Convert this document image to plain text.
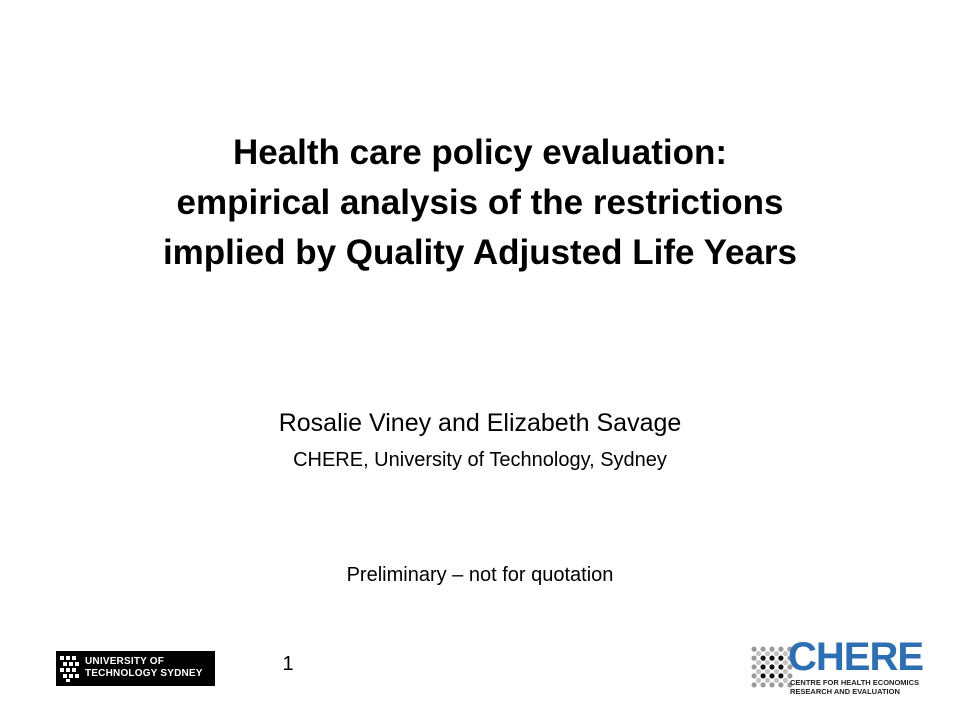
Health care policy evaluation:
empirical analysis of the restrictions
implied by Quality Adjusted Life Years
Rosalie Viney and Elizabeth Savage
CHERE, University of Technology, Sydney
Preliminary – not for quotation
1
UNIVERSITY OF
TECHNOLOGY SYDNEY	CHERE
CENTRE FOR HEALTH ECONOMICS
RESEARCH AND EVALUATION
